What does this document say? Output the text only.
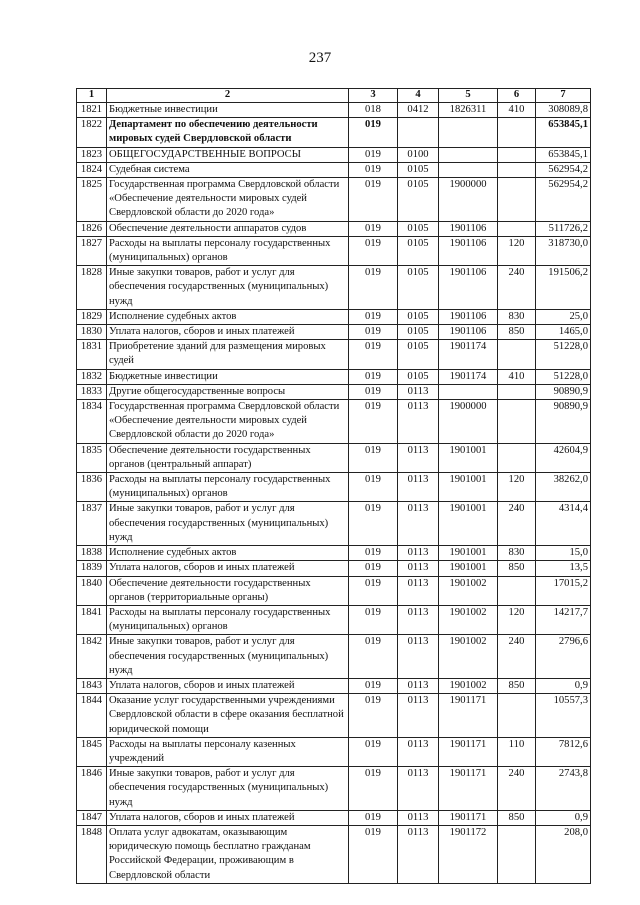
237
1	2	3	4	5	6	7
1821	Бюджетные инвестиции	018	0412	1826311	410	308089,8
1822	Департамент по обеспечению деятельности мировых судей Свердловской области	019				653845,1
1823	ОБЩЕГОСУДАРСТВЕННЫЕ ВОПРОСЫ	019	0100			653845,1
1824	Судебная система	019	0105			562954,2
1825	Государственная программа Свердловской области «Обеспечение деятельности мировых судей Свердловской области до 2020 года»	019	0105	1900000		562954,2
1826	Обеспечение деятельности аппаратов судов	019	0105	1901106		511726,2
1827	Расходы на выплаты персоналу государственных (муниципальных) органов	019	0105	1901106	120	318730,0
1828	Иные закупки товаров, работ и услуг для обеспечения государственных (муниципальных) нужд	019	0105	1901106	240	191506,2
1829	Исполнение судебных актов	019	0105	1901106	830	25,0
1830	Уплата налогов, сборов и иных платежей	019	0105	1901106	850	1465,0
1831	Приобретение зданий для размещения мировых судей	019	0105	1901174		51228,0
1832	Бюджетные инвестиции	019	0105	1901174	410	51228,0
1833	Другие общегосударственные вопросы	019	0113			90890,9
1834	Государственная программа Свердловской области «Обеспечение деятельности мировых судей Свердловской области до 2020 года»	019	0113	1900000		90890,9
1835	Обеспечение деятельности государственных органов (центральный аппарат)	019	0113	1901001		42604,9
1836	Расходы на выплаты персоналу государственных (муниципальных) органов	019	0113	1901001	120	38262,0
1837	Иные закупки товаров, работ и услуг для обеспечения государственных (муниципальных) нужд	019	0113	1901001	240	4314,4
1838	Исполнение судебных актов	019	0113	1901001	830	15,0
1839	Уплата налогов, сборов и иных платежей	019	0113	1901001	850	13,5
1840	Обеспечение деятельности государственных органов (территориальные органы)	019	0113	1901002		17015,2
1841	Расходы на выплаты персоналу государственных (муниципальных) органов	019	0113	1901002	120	14217,7
1842	Иные закупки товаров, работ и услуг для обеспечения государственных (муниципальных) нужд	019	0113	1901002	240	2796,6
1843	Уплата налогов, сборов и иных платежей	019	0113	1901002	850	0,9
1844	Оказание услуг государственными учреждениями Свердловской области в сфере оказания бесплатной юридической помощи	019	0113	1901171		10557,3
1845	Расходы на выплаты персоналу казенных учреждений	019	0113	1901171	110	7812,6
1846	Иные закупки товаров, работ и услуг для обеспечения государственных (муниципальных) нужд	019	0113	1901171	240	2743,8
1847	Уплата налогов, сборов и иных платежей	019	0113	1901171	850	0,9
1848	Оплата услуг адвокатам, оказывающим юридическую помощь бесплатно гражданам Российской Федерации, проживающим в Свердловской области	019	0113	1901172		208,0
